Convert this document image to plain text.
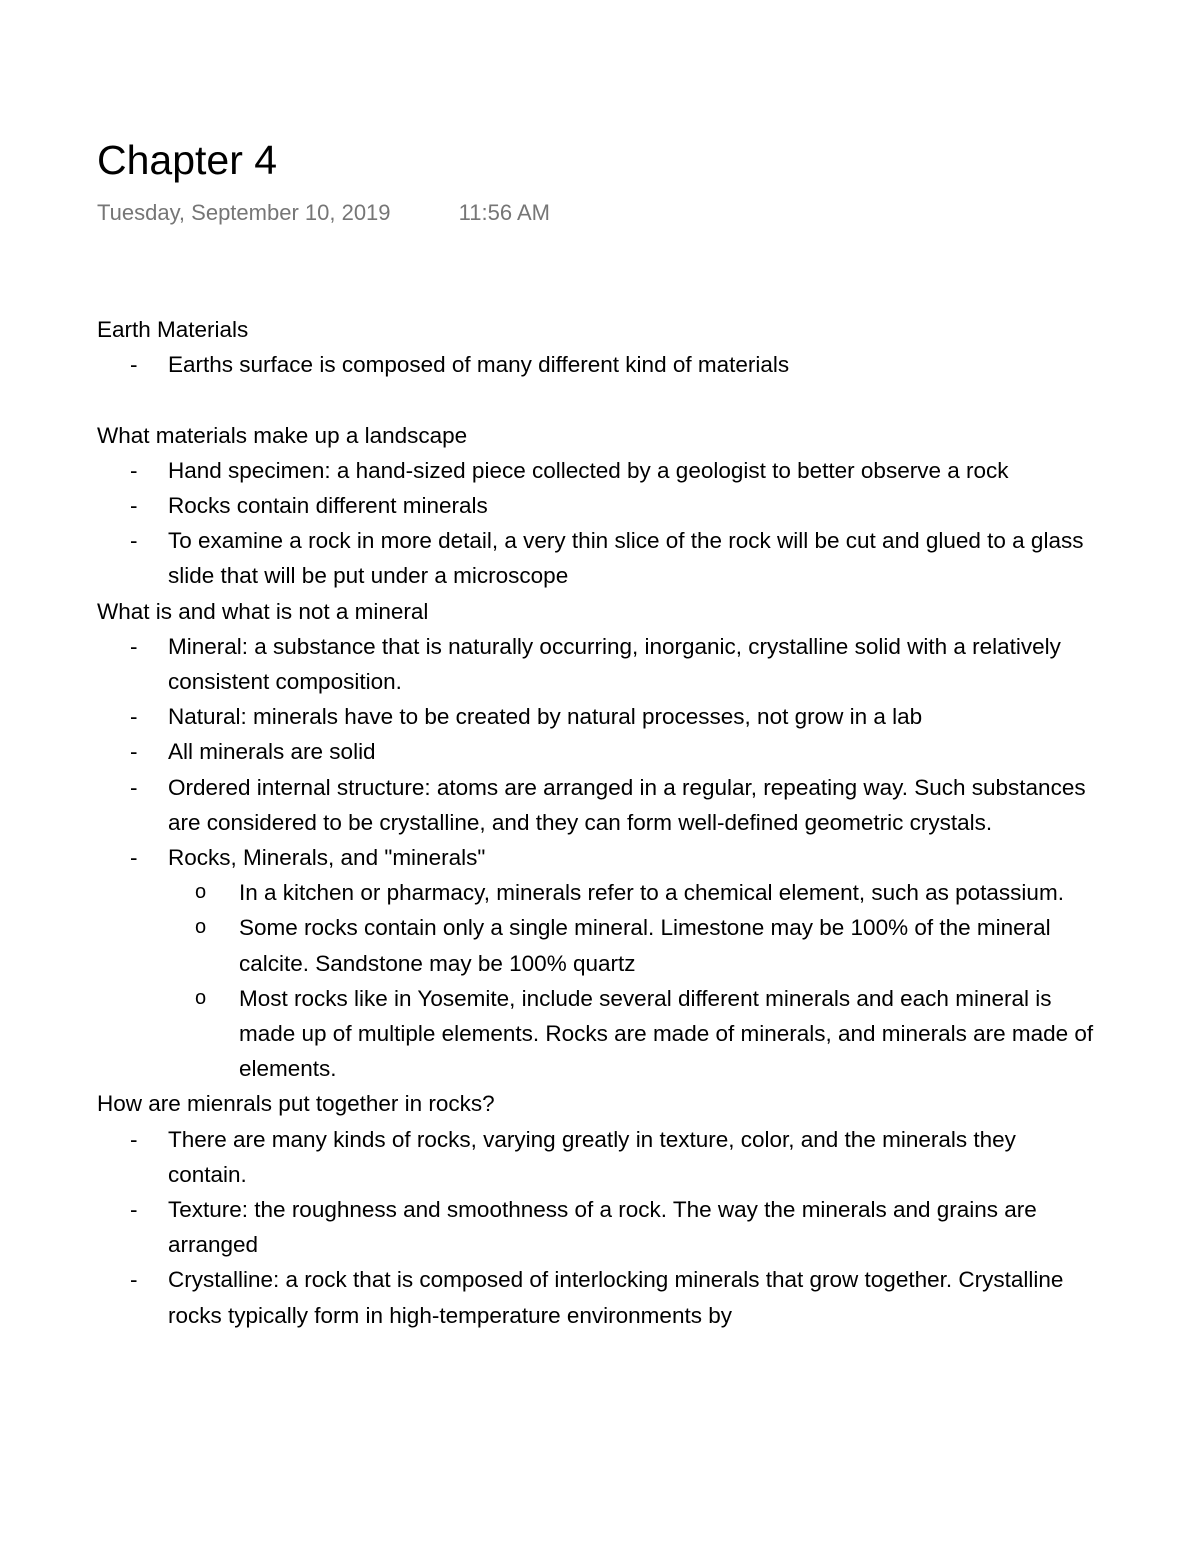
Chapter 4
Tuesday, September 10, 2019	11:56 AM

Earth Materials

- Earths surface is composed of many different kind of materials

What materials make up a landscape

- Hand specimen: a hand-sized piece collected by a geologist to better observe a rock
- Rocks contain different minerals
- To examine a rock in more detail, a very thin slice of the rock will be cut and glued to a glass slide that will be put under a microscope

What is and what is not a mineral

- Mineral: a substance that is naturally occurring, inorganic, crystalline solid with a relatively consistent composition.
- Natural: minerals have to be created by natural processes, not grow in a lab
- All minerals are solid
- Ordered internal structure: atoms are arranged in a regular, repeating way. Such substances are considered to be crystalline, and they can form well-defined geometric crystals.
- Rocks, Minerals, and "minerals"
o In a kitchen or pharmacy, minerals refer to a chemical element, such as potassium.
o Some rocks contain only a single mineral. Limestone may be 100% of the mineral calcite. Sandstone may be 100% quartz
o Most rocks like in Yosemite, include several different minerals and each mineral is made up of multiple elements. Rocks are made of minerals, and minerals are made of elements.

How are mienrals put together in rocks?

- There are many kinds of rocks, varying greatly in texture, color, and the minerals they contain.
- Texture: the roughness and smoothness of a rock. The way the minerals and grains are arranged
- Crystalline: a rock that is composed of interlocking minerals that grow together. Crystalline rocks typically form in high-temperature environments by
